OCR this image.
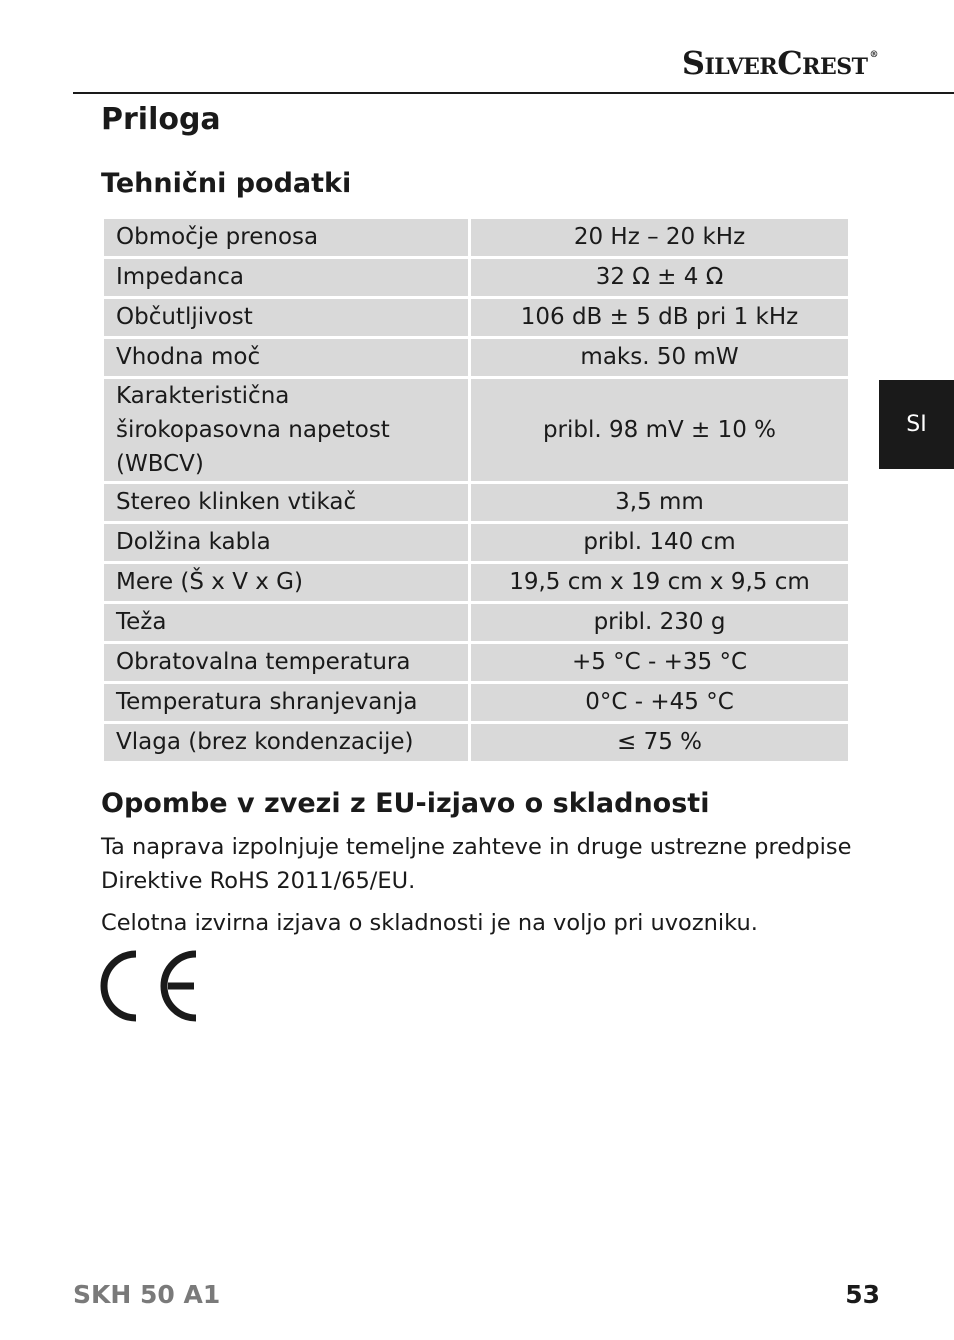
SilverCrest ®
SI
Priloga
Tehnični podatki
Območje prenosa	20 Hz – 20 kHz
Impedanca	32 Ω ± 4 Ω
Občutljivost	106 dB ± 5 dB pri 1 kHz
Vhodna moč	maks. 50 mW
Karakteristična širokopasovna napetost (WBCV)	pribl. 98 mV ± 10 %
Stereo klinken vtikač	3,5 mm
Dolžina kabla	pribl. 140 cm
Mere (Š x V x G)	19,5 cm x 19 cm x 9,5 cm
Teža	pribl. 230 g
Obratovalna temperatura	+5 °C - +35 °C
Temperatura shranjevanja	0°C - +45 °C
Vlaga (brez kondenzacije)	≤ 75 %
Opombe v zvezi z EU-izjavo o skladnosti

Ta naprava izpolnjuje temeljne zahteve in druge ustrezne predpise Direktive RoHS 2011/65/EU.

Celotna izvirna izjava o skladnosti je na voljo pri uvozniku.

SKH 50 A1	53
